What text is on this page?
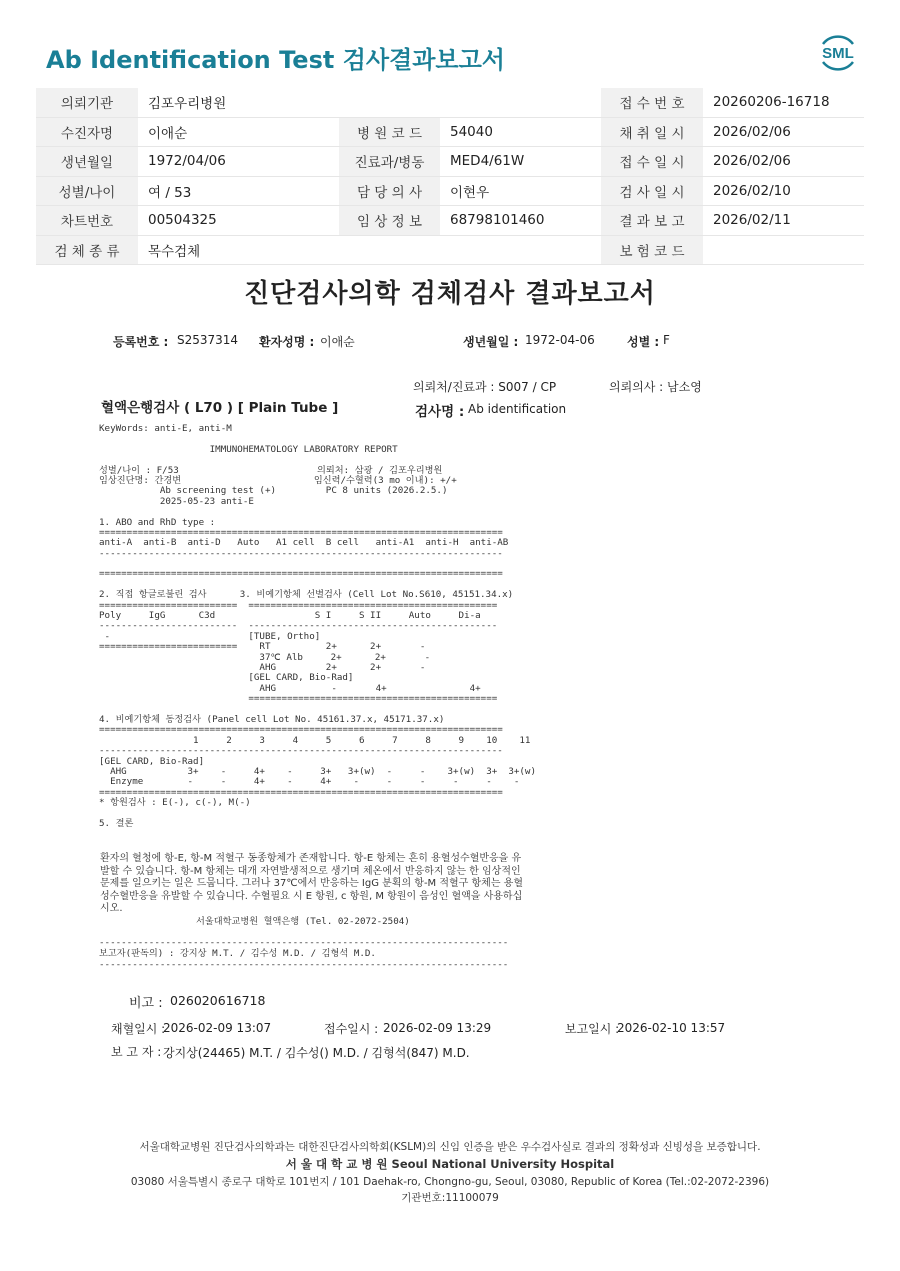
Ab Identification Test 검사결과보고서	SML
의뢰기관	김포우리병원			접 수 번 호	20260206-16718
수진자명	이애순	병 원 코 드	54040	채 취 일 시	2026/02/06
생년월일	1972/04/06	진료과/병동	MED4/61W	접 수 일 시	2026/02/06
성별/나이	여 / 53	담 당 의 사	이현우	검 사 일 시	2026/02/10
차트번호	00504325	임 상 정 보	68798101460	결 과 보 고	2026/02/11
검 체 종 류	목수검체			보 험 코 드	
진단검사의학 검체검사 결과보고서
등록번호 : S2537314 환자성명 : 이애순	생년월일 : 1972-04-06	성별 : F
의뢰처/진료과 : S007 / CP	의뢰의사 : 남소영
혈액은행검사 ( L70 ) [ Plain Tube ]	검사명 : Ab identification
KeyWords: anti-E, anti-M
IMMUNOHEMATOLOGY LABORATORY REPORT
성별/나이 : F/53                         의뢰처: 삼광 / 김포우리병원
임상진단명: 간경변                        임신력/수혈력(3 mo 이내): +/+
Ab screening test (+)         PC 8 units (2026.2.5.)
2025-05-23 anti-E
1. ABO and RhD type :
=========================================================================
anti-A  anti-B  anti-D   Auto   A1 cell  B cell   anti-A1  anti-H  anti-AB
-------------------------------------------------------------------------
=========================================================================
2. 직접 항글로불린 검사      3. 비예기항체 선별검사 (Cell Lot No.S610, 45151.34.x)
=========================  =============================================
Poly     IgG      C3d                  S I     S II     Auto     Di-a
-------------------------  ---------------------------------------------
-                         [TUBE, Ortho]
=========================    RT          2+      2+       -
37℃ Alb     2+      2+       -
AHG         2+      2+       -
[GEL CARD, Bio-Rad]
AHG          -       4+               4+
=============================================
4. 비예기항체 동정검사 (Panel cell Lot No. 45161.37.x, 45171.37.x)
=========================================================================
1     2     3     4     5     6     7     8     9    10    11
-------------------------------------------------------------------------
[GEL CARD, Bio-Rad]
AHG           3+    -     4+    -     3+   3+(w)  -     -    3+(w)  3+  3+(w)
Enzyme        -     -     4+    -     4+    -     -     -     -     -    -
=========================================================================
* 항원검사 : E(-), c(-), M(-)
5. 결론
환자의 혈청에 항-E, 항-M 적혈구 동종항체가 존재합니다. 항-E 항체는 흔히 용혈성수혈반응을 유발할 수 있습니다. 항-M 항체는 대개 자연발생적으로 생기며 체온에서 반응하지 않는 한 임상적인 문제를 일으키는 일은 드뭅니다. 그러나 37℃에서 반응하는 IgG 분획의 항-M 적혈구 항체는 용혈성수혈반응을 유발할 수 있습니다. 수혈필요 시 E 항원, c 항원, M 항원이 음성인 혈액을 사용하십시오.
서울대학교병원 혈액은행 (Tel. 02-2072-2504)
--------------------------------------------------------------------------
보고자(판독의) : 강지상 M.T. / 김수성 M.D. / 김형석 M.D.
--------------------------------------------------------------------------
비고 : 026020616718
채혈일시 :
2026-02-09 13:07	접수일시 : 2026-02-09 13:29	보고일시 :
2026-02-10 13:57
보 고 자 : 강지상(24465) M.T. / 김수성() M.D. / 김형석(847) M.D.
서울대학교병원 진단검사의학과는 대한진단검사의학회(KSLM)의 신임 인증을 받은 우수검사실로 결과의 정확성과 신빙성을 보증합니다.
서 울 대 학 교 병 원 Seoul National University Hospital
03080 서울특별시 종로구 대학로 101번지 / 101 Daehak-ro, Chongno-gu, Seoul, 03080, Republic of Korea (Tel.:02-2072-2396)
기관번호:11100079
